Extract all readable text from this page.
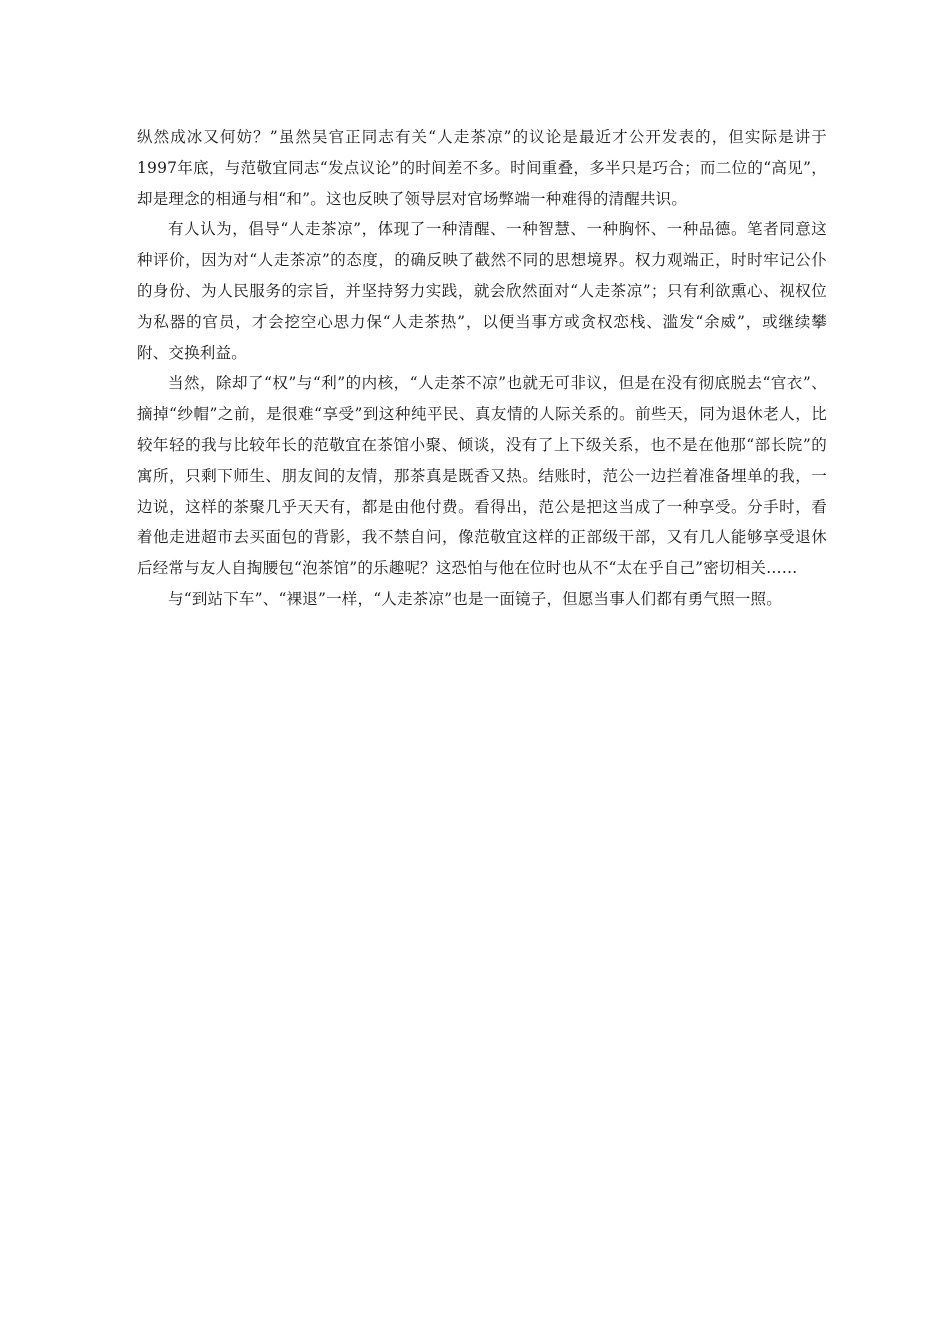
纵然成冰又何妨？”虽然吴官正同志有关“人走茶凉”的议论是最近才公开发表的，但实际是讲于1997年底，与范敬宜同志“发点议论”的时间差不多。时间重叠，多半只是巧合；而二位的“高见”，却是理念的相通与相“和”。这也反映了领导层对官场弊端一种难得的清醒共识。

有人认为，倡导“人走茶凉”，体现了一种清醒、一种智慧、一种胸怀、一种品德。笔者同意这种评价，因为对“人走茶凉”的态度，的确反映了截然不同的思想境界。权力观端正，时时牢记公仆的身份、为人民服务的宗旨，并坚持努力实践，就会欣然面对“人走茶凉”；只有利欲熏心、视权位为私器的官员，才会挖空心思力保“人走茶热”，以便当事方或贪权恋栈、滥发“余威”，或继续攀附、交换利益。

当然，除却了“权”与“利”的内核，“人走茶不凉”也就无可非议，但是在没有彻底脱去“官衣”、摘掉“纱帽”之前，是很难“享受”到这种纯平民、真友情的人际关系的。前些天，同为退休老人，比较年轻的我与比较年长的范敬宜在茶馆小聚、倾谈，没有了上下级关系，也不是在他那“部长院”的寓所，只剩下师生、朋友间的友情，那茶真是既香又热。结账时，范公一边拦着准备埋单的我，一边说，这样的茶聚几乎天天有，都是由他付费。看得出，范公是把这当成了一种享受。分手时，看着他走进超市去买面包的背影，我不禁自问，像范敬宜这样的正部级干部，又有几人能够享受退休后经常与友人自掏腰包“泡茶馆”的乐趣呢？这恐怕与他在位时也从不“太在乎自己”密切相关……

与“到站下车”、“裸退”一样，“人走茶凉”也是一面镜子，但愿当事人们都有勇气照一照。
